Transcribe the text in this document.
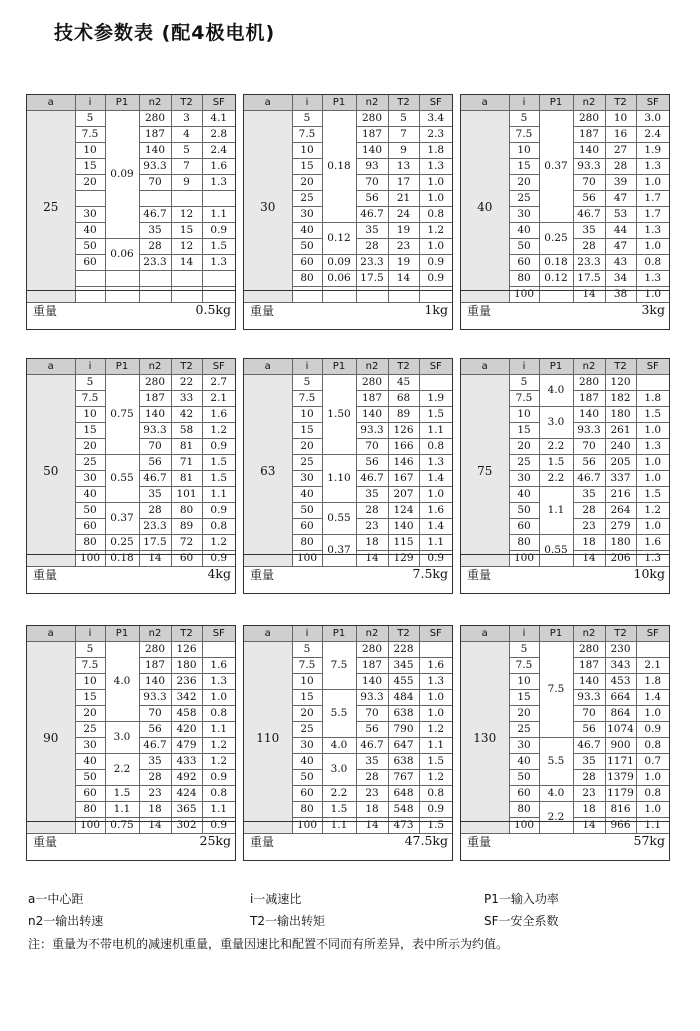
技术参数表 (配4极电机)
a	i	P1	n2	T2	SF
25	5	0.09	280	3	4.1
	7.5		187	4	2.8
	10		140	5	2.4
	15		93.3	7	1.6
	20		70	9	1.3

	30		46.7	12	1.1
	40		35	15	0.9
	50	0.06	28	12	1.5
	60		23.3	14	1.3

重量	0.5kg
a	i	P1	n2	T2	SF
30	5	0.18	280	5	3.4
	7.5		187	7	2.3
	10		140	9	1.8
	15		93	13	1.3
	20		70	17	1.0
	25		56	21	1.0
	30		46.7	24	0.8
	40	0.12	35	19	1.2
	50		28	23	1.0
	60	0.09	23.3	19	0.9
	80	0.06	17.5	14	0.9

重量	1kg
a	i	P1	n2	T2	SF
40	5	0.37	280	10	3.0
	7.5		187	16	2.4
	10		140	27	1.9
	15		93.3	28	1.3
	20		70	39	1.0
	25		56	47	1.7
	30		46.7	53	1.7
	40	0.25	35	44	1.3
	50		28	47	1.0
	60	0.18	23.3	43	0.8
	80	0.12	17.5	34	1.3
	100		14	38	1.0
重量	3kg
a	i	P1	n2	T2	SF
50	5	0.75	280	22	2.7
	7.5		187	33	2.1
	10		140	42	1.6
	15		93.3	58	1.2
	20		70	81	0.9
	25	0.55	56	71	1.5
	30		46.7	81	1.5
	40		35	101	1.1
	50	0.37	28	80	0.9
	60		23.3	89	0.8
	80	0.25	17.5	72	1.2
	100	0.18	14	60	0.9
重量	4kg
a	i	P1	n2	T2	SF
63	5	1.50	280	45	
	7.5		187	68	1.9
	10		140	89	1.5
	15		93.3	126	1.1
	20		70	166	0.8
	25	1.10	56	146	1.3
	30		46.7	167	1.4
	40		35	207	1.0
	50	0.55	28	124	1.6
	60		23	140	1.4
	80	0.37	18	115	1.1
	100		14	129	0.9
重量	7.5kg
a	i	P1	n2	T2	SF
75	5	4.0	280	120	
	7.5		187	182	1.8
	10	3.0	140	180	1.5
	15		93.3	261	1.0
	20	2.2	70	240	1.3
	25	1.5	56	205	1.0
	30	2.2	46.7	337	1.0
	40	1.1	35	216	1.5
	50		28	264	1.2
	60		23	279	1.0
	80	0.55	18	180	1.6
	100		14	206	1.3
重量	10kg
a	i	P1	n2	T2	SF
90	5	4.0	280	126	
	7.5		187	180	1.6
	10		140	236	1.3
	15		93.3	342	1.0
	20		70	458	0.8
	25	3.0	56	420	1.1
	30		46.7	479	1.2
	40	2.2	35	433	1.2
	50		28	492	0.9
	60	1.5	23	424	0.8
	80	1.1	18	365	1.1
	100	0.75	14	302	0.9
重量	25kg
a	i	P1	n2	T2	SF
110	5	7.5	280	228	
	7.5		187	345	1.6
	10		140	455	1.3
	15	5.5	93.3	484	1.0
	20		70	638	1.0
	25		56	790	1.2
	30	4.0	46.7	647	1.1
	40	3.0	35	638	1.5
	50		28	767	1.2
	60	2.2	23	648	0.8
	80	1.5	18	548	0.9
	100	1.1	14	473	1.5
重量	47.5kg
a	i	P1	n2	T2	SF
130	5	7.5	280	230	
	7.5		187	343	2.1
	10		140	453	1.8
	15		93.3	664	1.4
	20		70	864	1.0
	25		56	1074	0.9
	30	5.5	46.7	900	0.8
	40		35	1171	0.7
	50		28	1379	1.0
	60	4.0	23	1179	0.8
	80	2.2	18	816	1.0
	100		14	966	1.1
重量	57kg
a一中心距	i一减速比	P1一输入功率
n2一输出转速	T2一输出转矩	SF一安全系数
注：重量为不带电机的减速机重量，重量因速比和配置不同而有所差异，表中所示为约值。
